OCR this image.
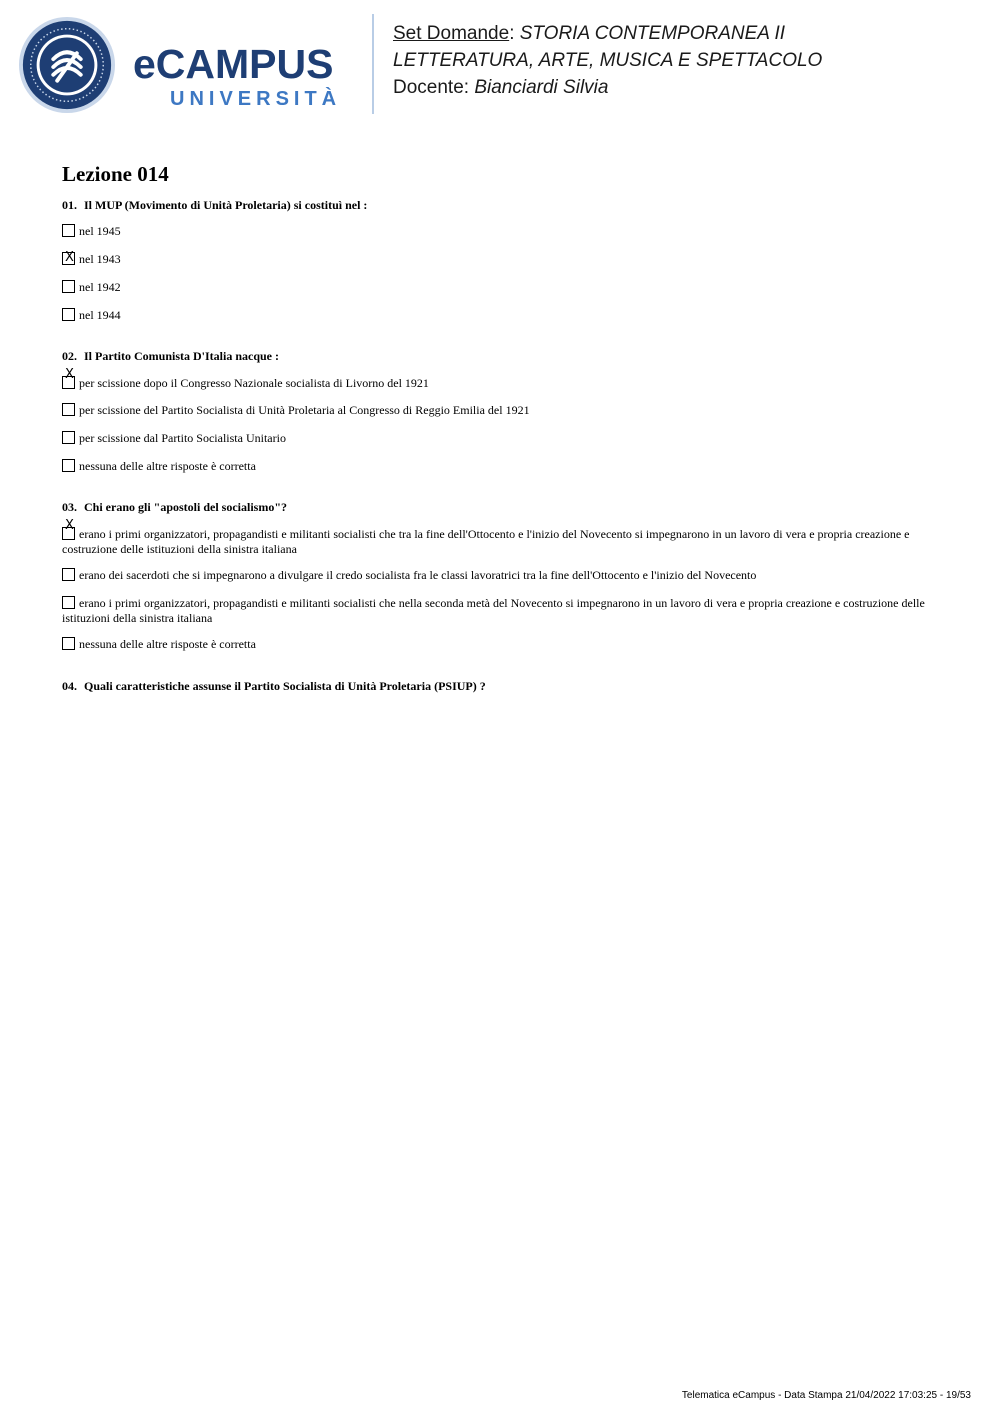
eCAMPUS
UNIVERSITÀ
Set Domande: STORIA CONTEMPORANEA II
LETTERATURA, ARTE, MUSICA E SPETTACOLO
Docente: Bianciardi Silvia
Lezione 014
01. Il MUP (Movimento di Unità Proletaria) si costituì nel :
nel 1945
X nel 1943
nel 1942
nel 1944
02. Il Partito Comunista D'Italia nacque :
X
per scissione dopo il Congresso Nazionale socialista di Livorno del 1921
per scissione del Partito Socialista di Unità Proletaria al Congresso di Reggio Emilia del 1921
per scissione dal Partito Socialista Unitario
nessuna delle altre risposte è corretta
03. Chi erano gli "apostoli del socialismo"?
X
erano i primi organizzatori, propagandisti e militanti socialisti che tra la fine dell'Ottocento e l'inizio del Novecento si impegnarono in un lavoro di vera e propria creazione e costruzione delle istituzioni della sinistra italiana
erano dei sacerdoti che si impegnarono a divulgare il credo socialista fra le classi lavoratrici tra la fine dell'Ottocento e l'inizio del Novecento
erano i primi organizzatori, propagandisti e militanti socialisti che nella seconda metà del Novecento si impegnarono in un lavoro di vera e propria creazione e costruzione delle istituzioni della sinistra italiana
nessuna delle altre risposte è corretta
04. Quali caratteristiche assunse il Partito Socialista di Unità Proletaria (PSIUP) ?
Telematica eCampus - Data Stampa 21/04/2022 17:03:25 - 19/53
